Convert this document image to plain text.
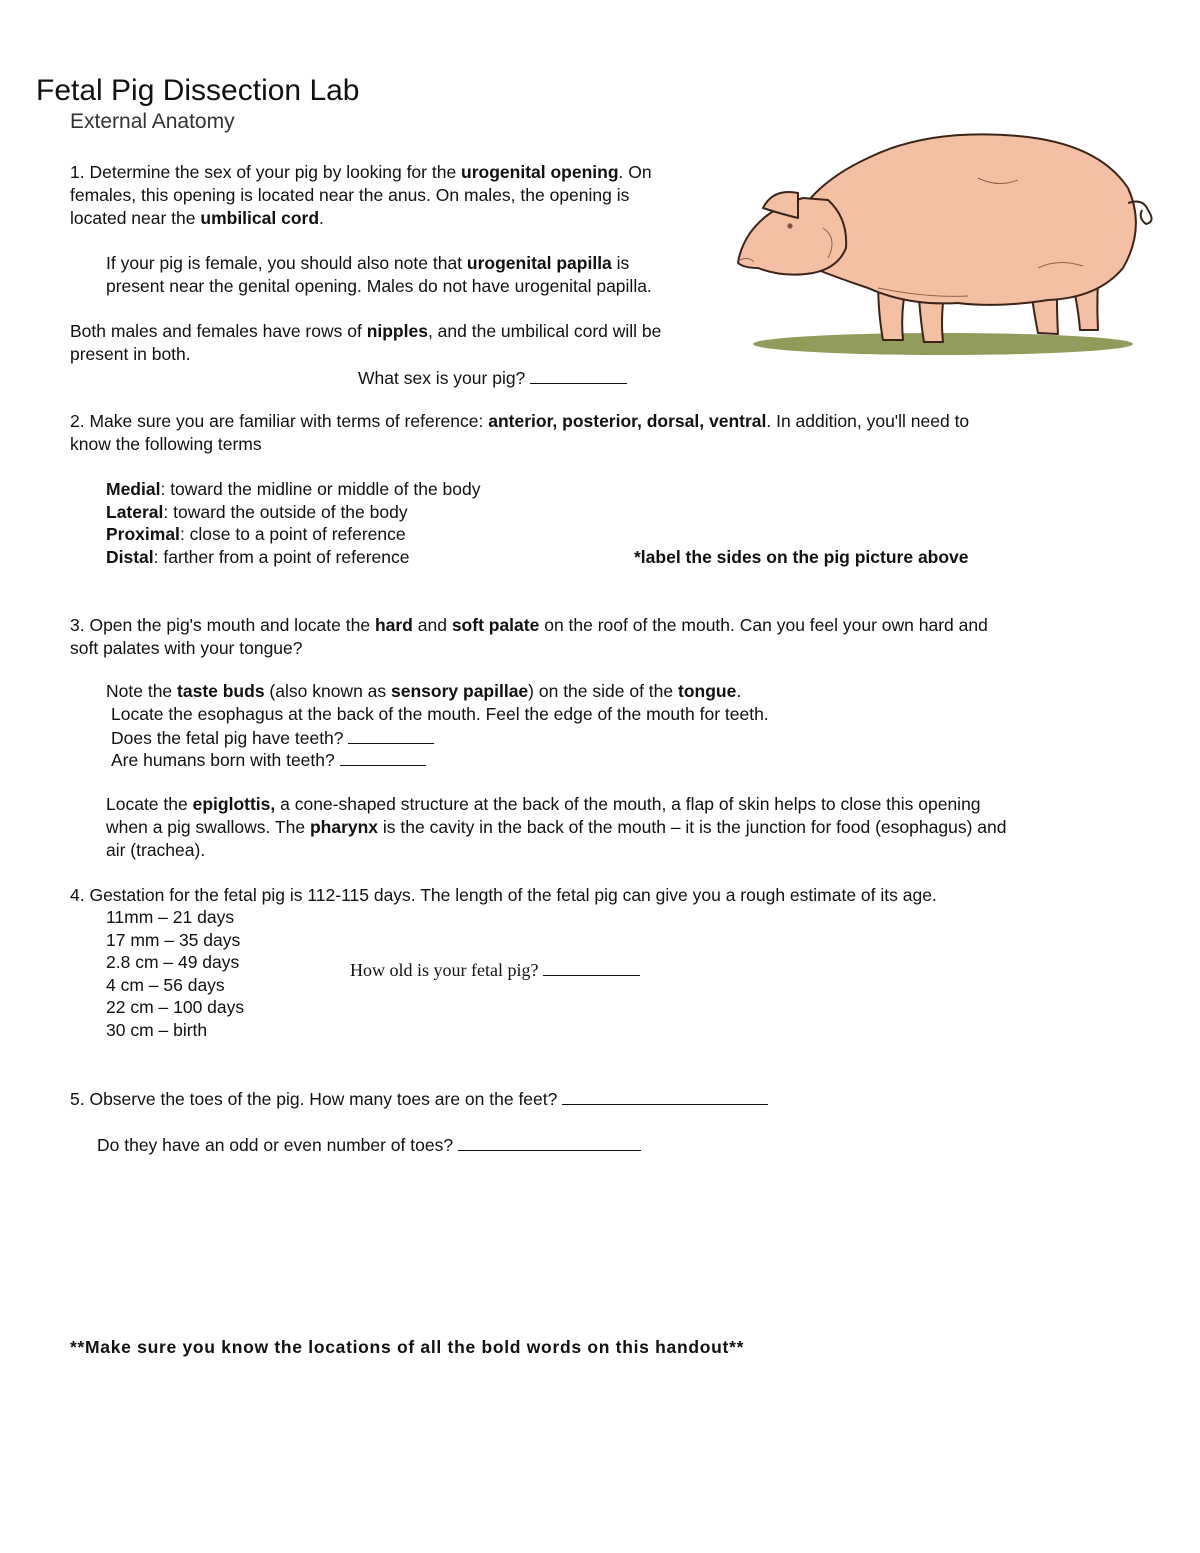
Fetal Pig Dissection Lab
External Anatomy
1. Determine the sex of your pig by looking for the urogenital opening. On
females, this opening is located near the anus. On males, the opening is
located near the umbilical cord.
If your pig is female, you should also note that urogenital papilla is
present near the genital opening. Males do not have urogenital papilla.
Both males and females have rows of nipples, and the umbilical cord will be
present in both.
What sex is your pig?
2. Make sure you are familiar with terms of reference: anterior, posterior, dorsal, ventral. In addition, you'll need to
know the following terms
Medial: toward the midline or middle of the body
Lateral: toward the outside of the body
Proximal: close to a point of reference
Distal: farther from a point of reference	*label the sides on the pig picture above
3. Open the pig's mouth and locate the hard and soft palate on the roof of the mouth. Can you feel your own hard and
soft palates with your tongue?
Note the taste buds (also known as sensory papillae) on the side of the tongue.
Locate the esophagus at the back of the mouth. Feel the edge of the mouth for teeth.
Does the fetal pig have teeth?
Are humans born with teeth?
Locate the epiglottis, a cone-shaped structure at the back of the mouth, a flap of skin helps to close this opening
when a pig swallows. The pharynx is the cavity in the back of the mouth – it is the junction for food (esophagus) and
air (trachea).
4. Gestation for the fetal pig is 112-115 days. The length of the fetal pig can give you a rough estimate of its age.
11mm – 21 days
17 mm – 35 days
2.8 cm – 49 days
4 cm – 56 days
22 cm – 100 days
30 cm – birth
How old is your fetal pig?
5. Observe the toes of the pig. How many toes are on the feet?
Do they have an odd or even number of toes?
**Make sure you know the locations of all the bold words on this handout**
